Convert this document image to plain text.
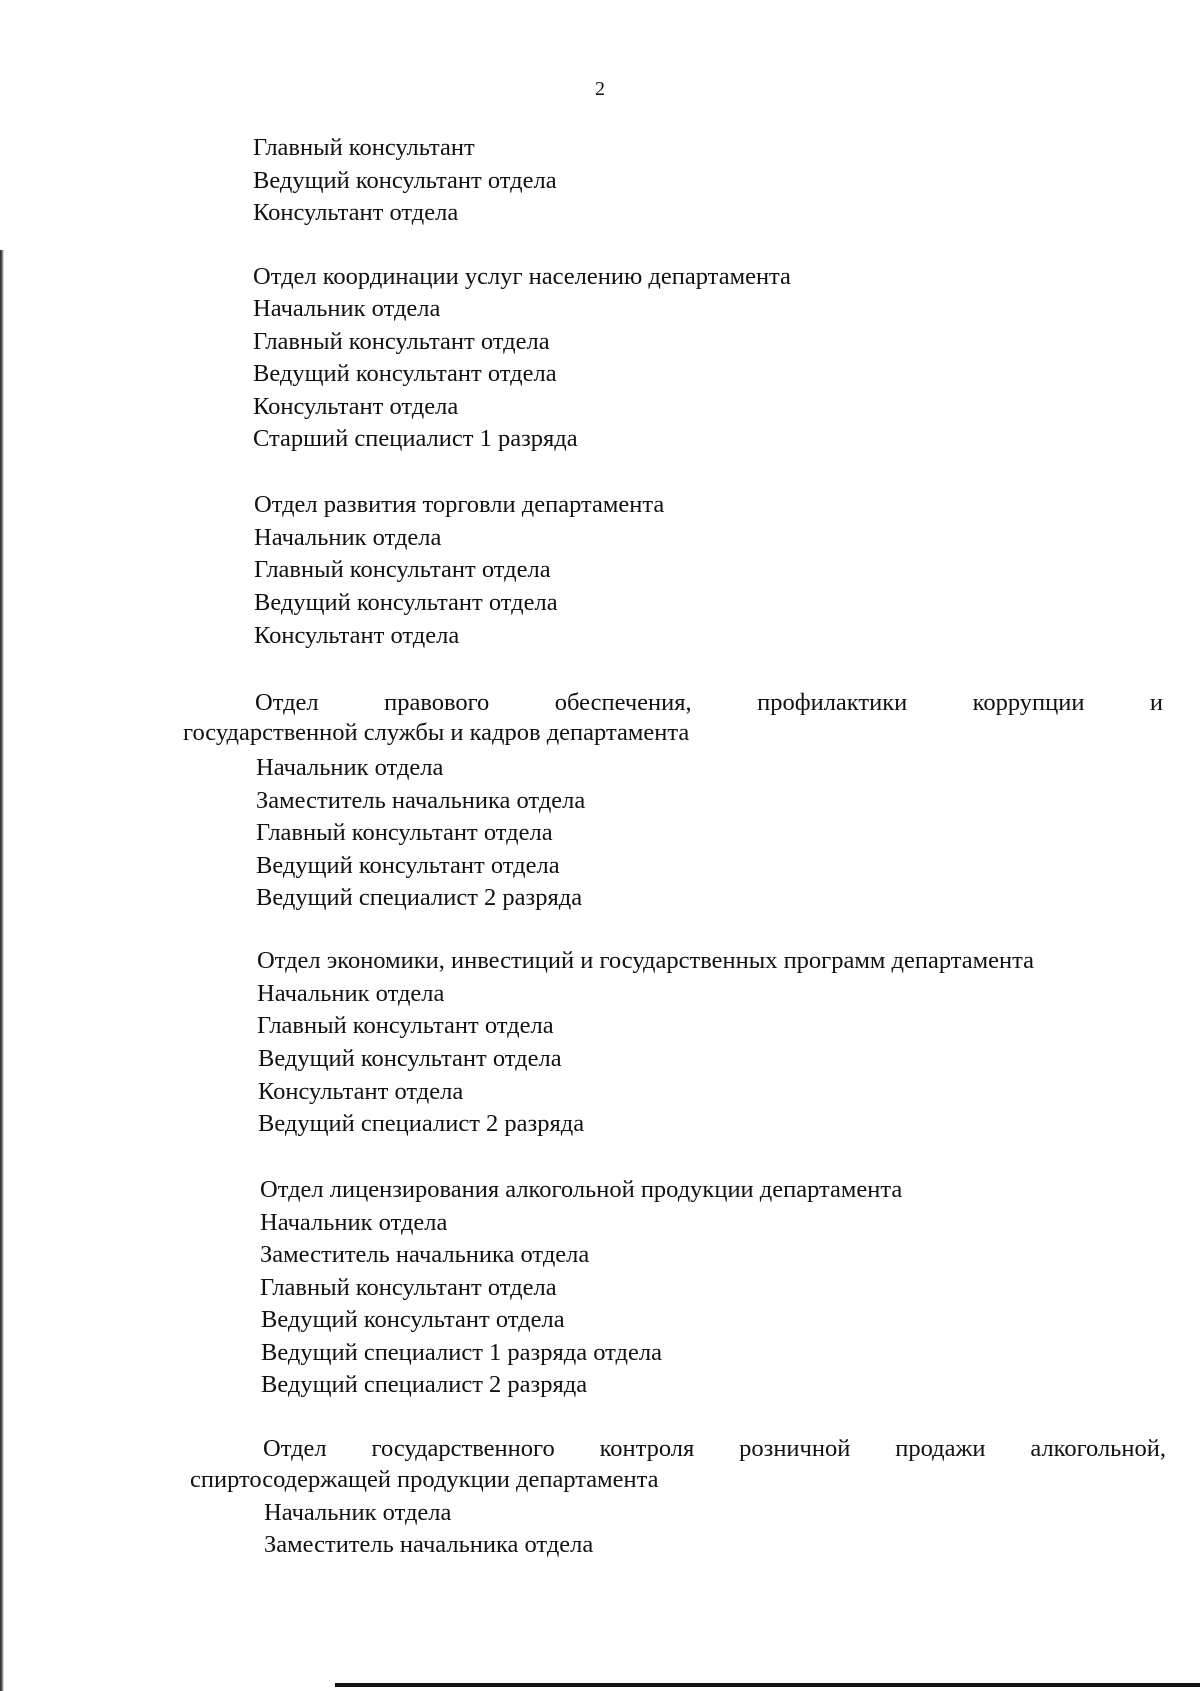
2
Главный консультант
Ведущий консультант отдела
Консультант отдела
Отдел координации услуг населению департамента
Начальник отдела
Главный консультант отдела
Ведущий консультант отдела
Консультант отдела
Старший специалист 1 разряда
Отдел развития торговли департамента
Начальник отдела
Главный консультант отдела
Ведущий консультант отдела
Консультант отдела
Отдел	правового	обеспечения,	профилактики	коррупции	и
государственной службы и кадров департамента
Начальник отдела
Заместитель начальника отдела
Главный консультант отдела
Ведущий консультант отдела
Ведущий специалист 2 разряда
Отдел экономики, инвестиций и государственных программ департамента
Начальник отдела
Главный консультант отдела
Ведущий консультант отдела
Консультант отдела
Ведущий специалист 2 разряда
Отдел лицензирования алкогольной продукции департамента
Начальник отдела
Заместитель начальника отдела
Главный консультант отдела
Ведущий консультант отдела
Ведущий специалист 1 разряда отдела
Ведущий специалист 2 разряда
Отдел государственного контроля розничной продажи алкогольной,
спиртосодержащей продукции департамента
Начальник отдела
Заместитель начальника отдела
